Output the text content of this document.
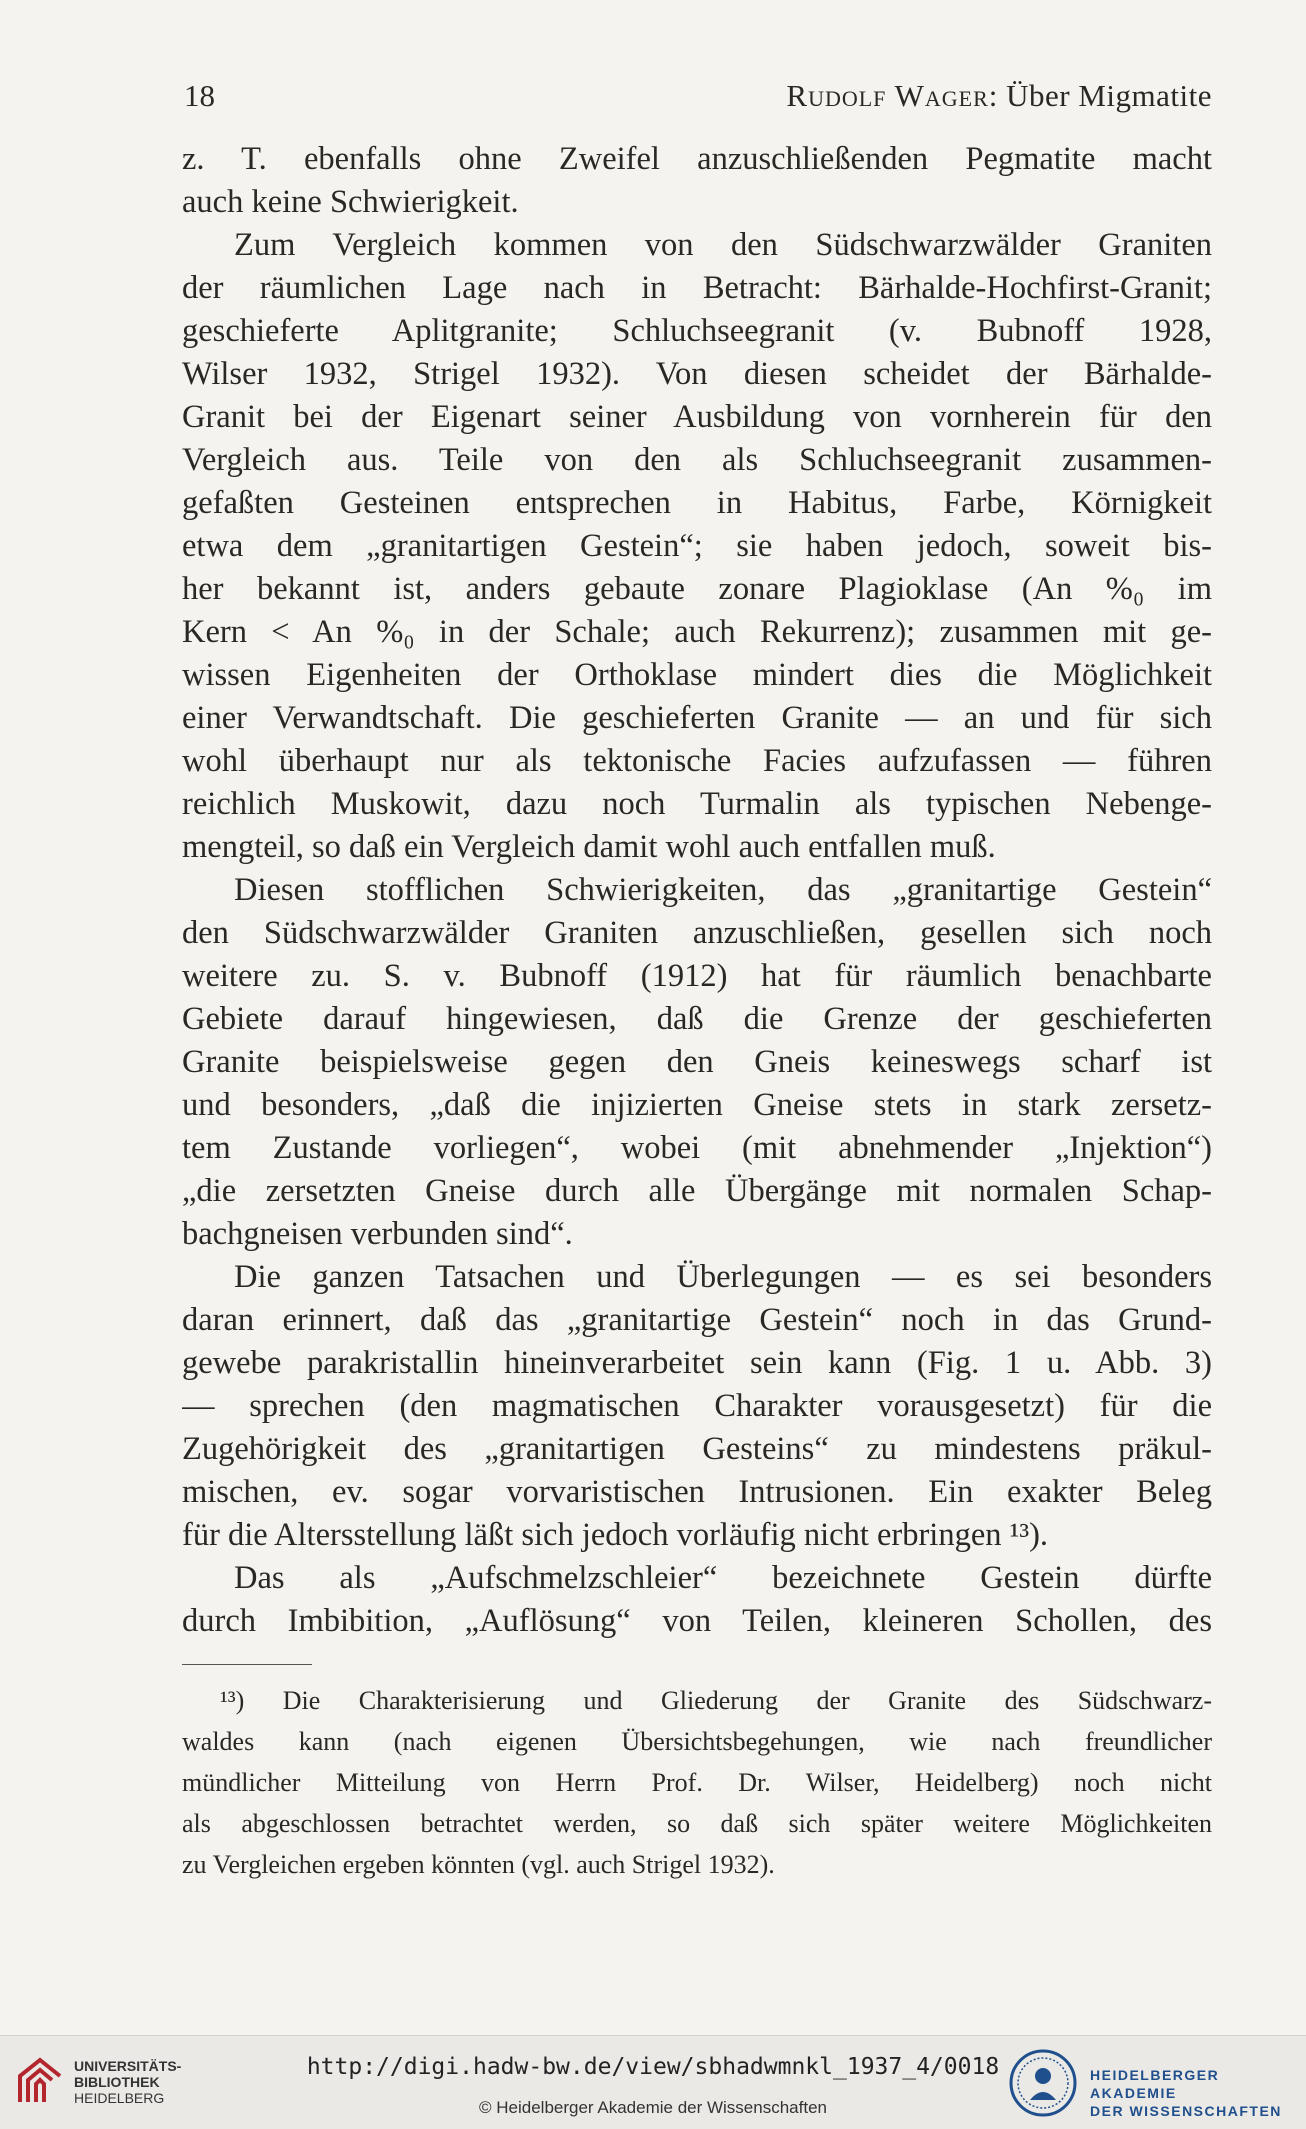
18	Rudolf Wager: Über Migmatite
z. T. ebenfalls ohne Zweifel anzuschließenden Pegmatite macht
auch keine Schwierigkeit.
Zum Vergleich kommen von den Südschwarzwälder Graniten
der räumlichen Lage nach in Betracht: Bärhalde-Hochfirst-Granit;
geschieferte Aplitgranite; Schluchseegranit (v. Bubnoff 1928,
Wilser 1932, Strigel 1932). Von diesen scheidet der Bärhalde-
Granit bei der Eigenart seiner Ausbildung von vornherein für den
Vergleich aus. Teile von den als Schluchseegranit zusammen-
gefaßten Gesteinen entsprechen in Habitus, Farbe, Körnigkeit
etwa dem „granitartigen Gestein“; sie haben jedoch, soweit bis-
her bekannt ist, anders gebaute zonare Plagioklase (An %₀ im
Kern < An %₀ in der Schale; auch Rekurrenz); zusammen mit ge-
wissen Eigenheiten der Orthoklase mindert dies die Möglichkeit
einer Verwandtschaft. Die geschieferten Granite — an und für sich
wohl überhaupt nur als tektonische Facies aufzufassen — führen
reichlich Muskowit, dazu noch Turmalin als typischen Nebenge-
mengteil, so daß ein Vergleich damit wohl auch entfallen muß.
Diesen stofflichen Schwierigkeiten, das „granitartige Gestein“
den Südschwarzwälder Graniten anzuschließen, gesellen sich noch
weitere zu. S. v. Bubnoff (1912) hat für räumlich benachbarte
Gebiete darauf hingewiesen, daß die Grenze der geschieferten
Granite beispielsweise gegen den Gneis keineswegs scharf ist
und besonders, „daß die injizierten Gneise stets in stark zersetz-
tem Zustande vorliegen“, wobei (mit abnehmender „Injektion“)
„die zersetzten Gneise durch alle Übergänge mit normalen Schap-
bachgneisen verbunden sind“.
Die ganzen Tatsachen und Überlegungen — es sei besonders
daran erinnert, daß das „granitartige Gestein“ noch in das Grund-
gewebe parakristallin hineinverarbeitet sein kann (Fig. 1 u. Abb. 3)
— sprechen (den magmatischen Charakter vorausgesetzt) für die
Zugehörigkeit des „granitartigen Gesteins“ zu mindestens präkul-
mischen, ev. sogar vorvaristischen Intrusionen. Ein exakter Beleg
für die Altersstellung läßt sich jedoch vorläufig nicht erbringen ¹³).
Das als „Aufschmelzschleier“ bezeichnete Gestein dürfte
durch Imbibition, „Auflösung“ von Teilen, kleineren Schollen, des
¹³) Die Charakterisierung und Gliederung der Granite des Südschwarz-
waldes kann (nach eigenen Übersichtsbegehungen, wie nach freundlicher
mündlicher Mitteilung von Herrn Prof. Dr. Wilser, Heidelberg) noch nicht
als abgeschlossen betrachtet werden, so daß sich später weitere Möglichkeiten
zu Vergleichen ergeben könnten (vgl. auch Strigel 1932).
UNIVERSITÄTS-
BIBLIOTHEK
HEIDELBERG
http://digi.hadw-bw.de/view/sbhadwmnkl_1937_4/0018
© Heidelberger Akademie der Wissenschaften
HEIDELBERGER AKADEMIE
DER WISSENSCHAFTEN
